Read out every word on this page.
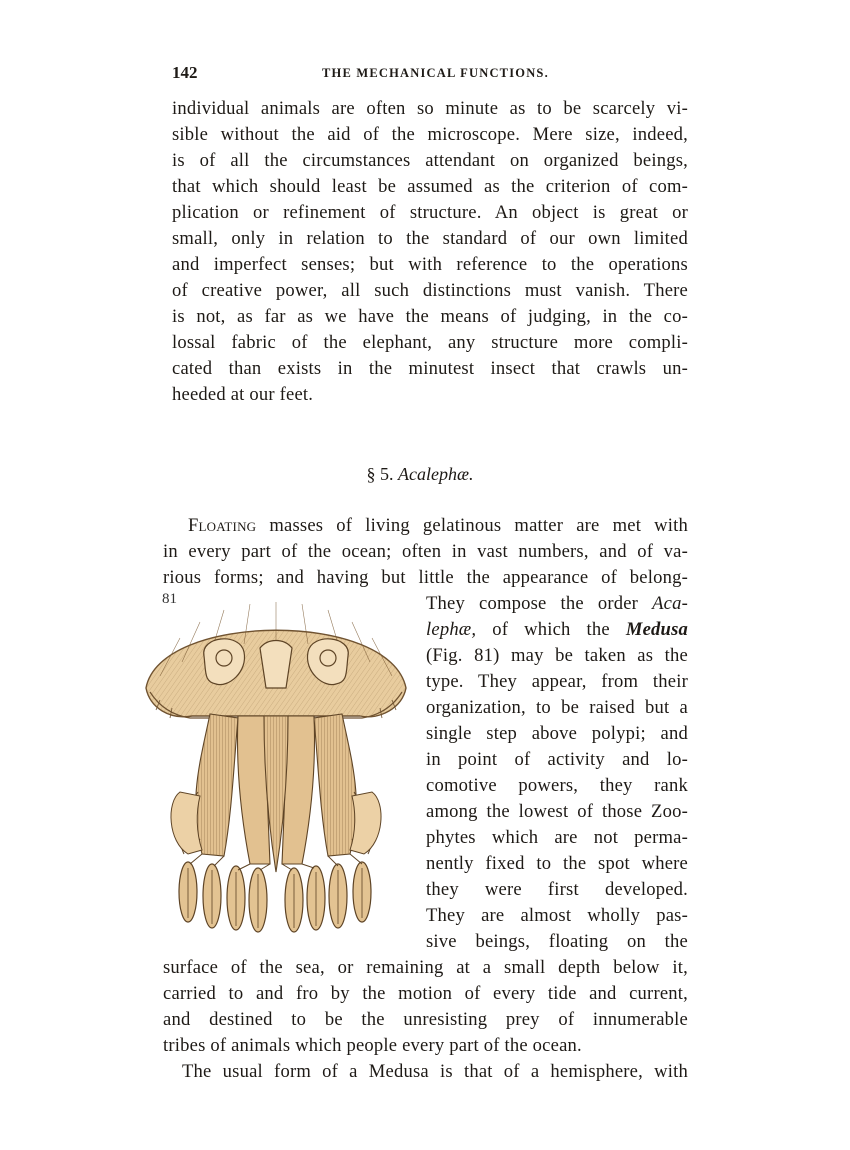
142	THE MECHANICAL FUNCTIONS.
individual animals are often so minute as to be scarcely vi-
sible without the aid of the microscope. Mere size, indeed,
is of all the circumstances attendant on organized beings,
that which should least be assumed as the criterion of com-
plication or refinement of structure. An object is great or
small, only in relation to the standard of our own limited
and imperfect senses; but with reference to the operations
of creative power, all such distinctions must vanish. There
is not, as far as we have the means of judging, in the co-
lossal fabric of the elephant, any structure more compli-
cated than exists in the minutest insect that crawls un-
heeded at our feet.
§ 5. Acalephæ.
Floating masses of living gelatinous matter are met with
in every part of the ocean; often in vast numbers, and of va-
rious forms; and having but little the appearance of belong-
They compose the order Aca-
lephæ, of which the Medusa
(Fig. 81) may be taken as the
type. They appear, from their
organization, to be raised but a
single step above polypi; and
in point of activity and lo-
comotive powers, they rank
among the lowest of those Zoo-
phytes which are not perma-
nently fixed to the spot where
they were first developed.
They are almost wholly pas-
sive beings, floating on the
surface of the sea, or remaining at a small depth below it,
carried to and fro by the motion of every tide and current,
and destined to be the unresisting prey of innumerable
tribes of animals which people every part of the ocean.
The usual form of a Medusa is that of a hemisphere, with
81
